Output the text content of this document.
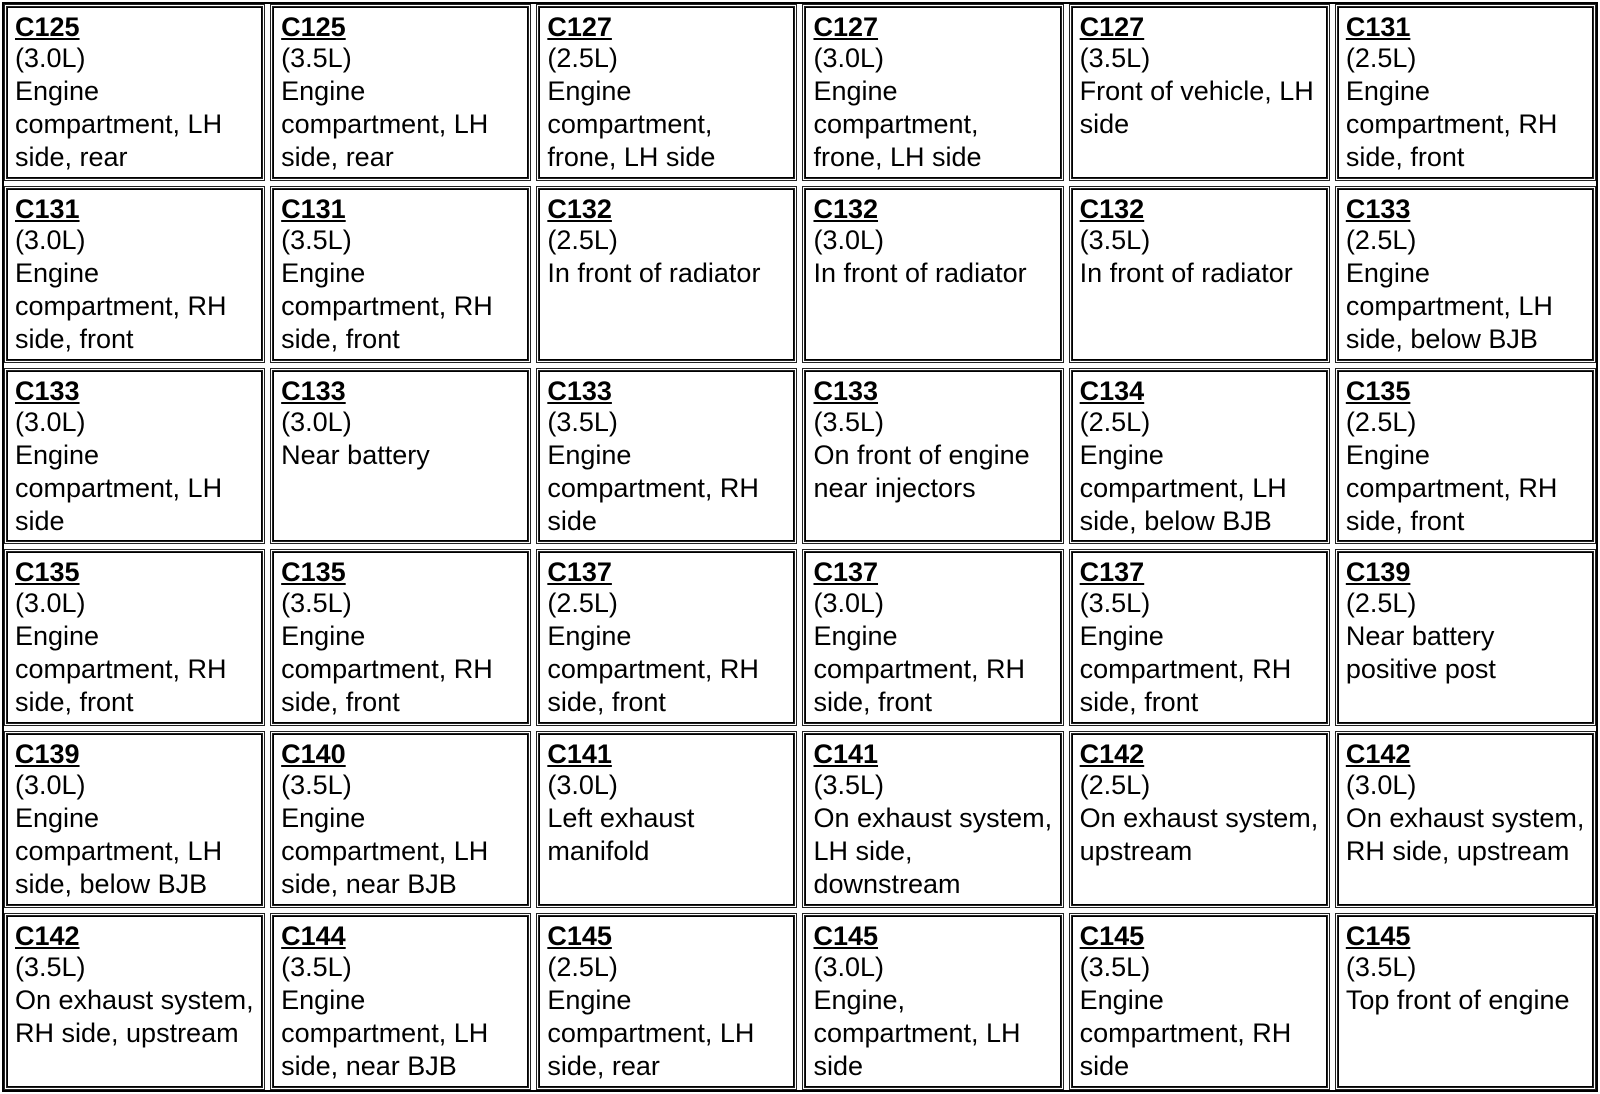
C125
(3.0L)
Engine compartment, LH side, rear
C125
(3.5L)
Engine compartment, LH side, rear
C127
(2.5L)
Engine compartment, frone, LH side
C127
(3.0L)
Engine compartment, frone, LH side
C127
(3.5L)
Front of vehicle, LH side
C131
(2.5L)
Engine compartment, RH side, front
C131
(3.0L)
Engine compartment, RH side, front
C131
(3.5L)
Engine compartment, RH side, front
C132
(2.5L)
In front of radiator
C132
(3.0L)
In front of radiator
C132
(3.5L)
In front of radiator
C133
(2.5L)
Engine compartment, LH side, below BJB
C133
(3.0L)
Engine compartment, LH side
C133
(3.0L)
Near battery
C133
(3.5L)
Engine compartment, RH side
C133
(3.5L)
On front of engine near injectors
C134
(2.5L)
Engine compartment, LH side, below BJB
C135
(2.5L)
Engine compartment, RH side, front
C135
(3.0L)
Engine compartment, RH side, front
C135
(3.5L)
Engine compartment, RH side, front
C137
(2.5L)
Engine compartment, RH side, front
C137
(3.0L)
Engine compartment, RH side, front
C137
(3.5L)
Engine compartment, RH side, front
C139
(2.5L)
Near battery positive post
C139
(3.0L)
Engine compartment, LH side, below BJB
C140
(3.5L)
Engine compartment, LH side, near BJB
C141
(3.0L)
Left exhaust manifold
C141
(3.5L)
On exhaust system, LH side, downstream
C142
(2.5L)
On exhaust system, upstream
C142
(3.0L)
On exhaust system, RH side, upstream
C142
(3.5L)
On exhaust system, RH side, upstream
C144
(3.5L)
Engine compartment, LH side, near BJB
C145
(2.5L)
Engine compartment, LH side, rear
C145
(3.0L)
Engine, compartment, LH side
C145
(3.5L)
Engine compartment, RH side
C145
(3.5L)
Top front of engine
